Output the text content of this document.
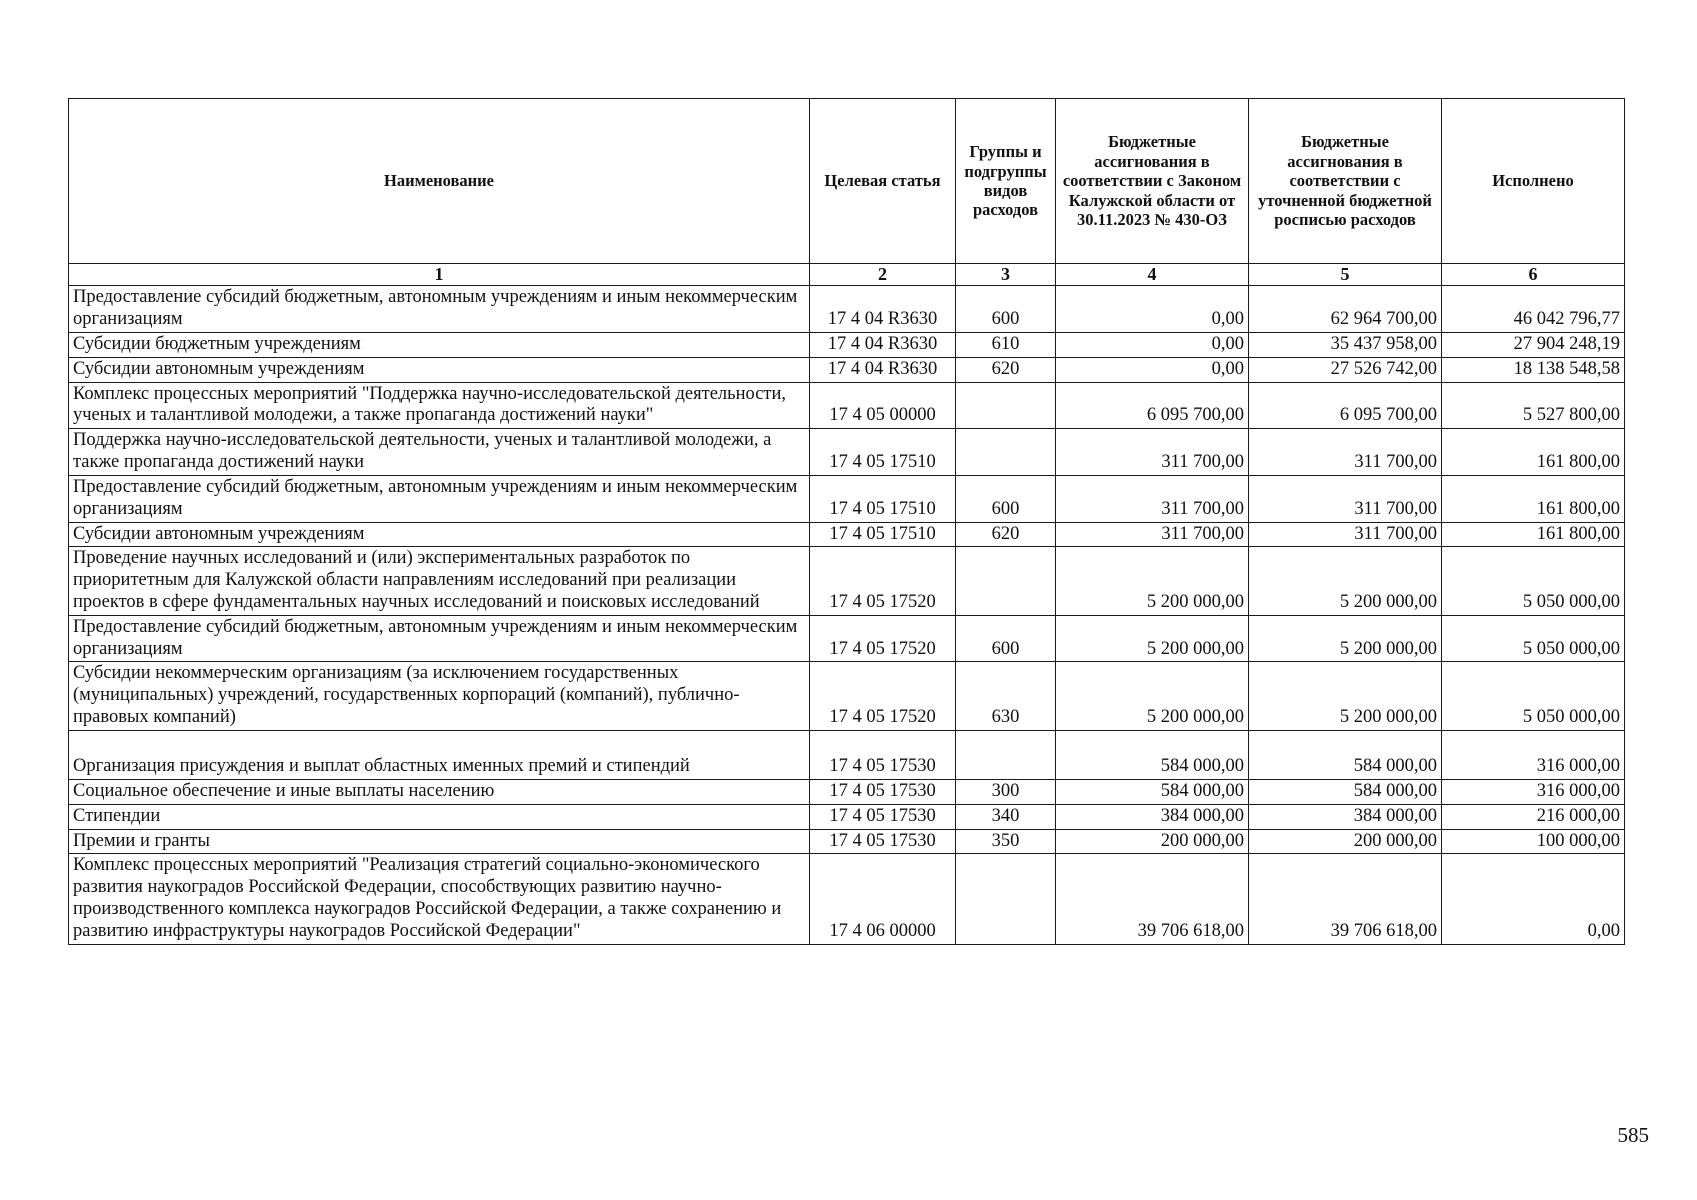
Наименование	Целевая статья	Группы и подгруппы видов расходов	Бюджетные ассигнования в соответствии с Законом Калужской области от 30.11.2023 № 430-ОЗ	Бюджетные ассигнования в соответствии с уточненной бюджетной росписью расходов	Исполнено
1	2	3	4	5	6
Предоставление субсидий бюджетным, автономным учреждениям и иным некоммерческим организациям	17 4 04 R3630	600	0,00	62 964 700,00	46 042 796,77
Субсидии бюджетным учреждениям	17 4 04 R3630	610	0,00	35 437 958,00	27 904 248,19
Субсидии автономным учреждениям	17 4 04 R3630	620	0,00	27 526 742,00	18 138 548,58
Комплекс процессных мероприятий "Поддержка научно-исследовательской деятельности, ученых и талантливой молодежи, а также пропаганда достижений науки"	17 4 05 00000		6 095 700,00	6 095 700,00	5 527 800,00
Поддержка научно-исследовательской деятельности, ученых и талантливой молодежи, а также пропаганда достижений науки	17 4 05 17510		311 700,00	311 700,00	161 800,00
Предоставление субсидий бюджетным, автономным учреждениям и иным некоммерческим организациям	17 4 05 17510	600	311 700,00	311 700,00	161 800,00
Субсидии автономным учреждениям	17 4 05 17510	620	311 700,00	311 700,00	161 800,00
Проведение научных исследований и (или) экспериментальных разработок по приоритетным для Калужской области направлениям исследований при реализации проектов в сфере фундаментальных научных исследований и поисковых исследований	17 4 05 17520		5 200 000,00	5 200 000,00	5 050 000,00
Предоставление субсидий бюджетным, автономным учреждениям и иным некоммерческим организациям	17 4 05 17520	600	5 200 000,00	5 200 000,00	5 050 000,00
Субсидии некоммерческим организациям (за исключением государственных (муниципальных) учреждений, государственных корпораций (компаний), публично-правовых компаний)	17 4 05 17520	630	5 200 000,00	5 200 000,00	5 050 000,00
Организация присуждения и выплат областных именных премий и стипендий	17 4 05 17530		584 000,00	584 000,00	316 000,00
Социальное обеспечение и иные выплаты населению	17 4 05 17530	300	584 000,00	584 000,00	316 000,00
Стипендии	17 4 05 17530	340	384 000,00	384 000,00	216 000,00
Премии и гранты	17 4 05 17530	350	200 000,00	200 000,00	100 000,00
Комплекс процессных мероприятий "Реализация стратегий социально-экономического развития наукоградов Российской Федерации, способствующих развитию научно-производственного комплекса наукоградов Российской Федерации, а также сохранению и развитию инфраструктуры наукоградов Российской Федерации"	17 4 06 00000		39 706 618,00	39 706 618,00	0,00
585
